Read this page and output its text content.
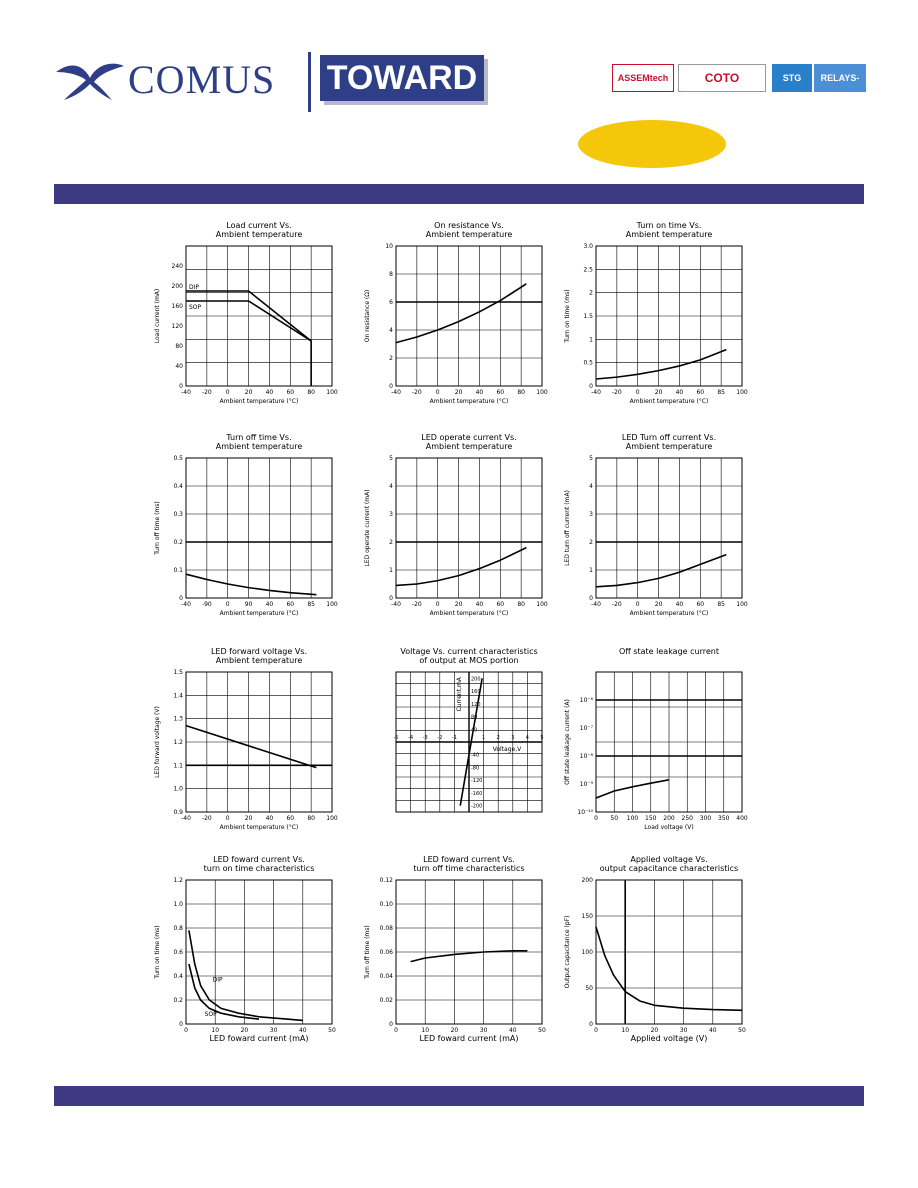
COMUS TOWARD	ASSEMtech	COTO	STG	RELAYS-
Load current Vs.
Ambient temperature
-40 -20 0	20 40 60 80 100
0
40
80
120
160
200
240
Ambient temperature (°C)
Load current (mA)
DIP
SOP
On resistance Vs.
Ambient temperature
-40 -20 0	20 40 60 80 100
0
2
4
6
8
10
Ambient temperature (°C)
On resistance (Ω)
Turn on time Vs.
Ambient temperature
-40 -20 0	20 40 60 85 100
0
0.5
1
1.5
2
2.5
3.0
Ambient temperature (°C)
Turn on time (ms)
Turn off time Vs.
Ambient temperature
-40 -90 0	90 40 60 85 100
0
0.1
0.2
0.3
0.4
0.5
Ambient temperature (°C)
Turn off time (ms)
LED operate current Vs.
Ambient temperature
-40 -20 0	20 40 60 80 100
0
1
2
3
4
5
Ambient temperature (°C)
LED operate current (mA)
LED Turn off current Vs.
Ambient temperature
-40 -20 0	20 40 60 85 100
0
1
2
3
4
5
Ambient temperature (°C)
LED turn off current (mA)
LED forward voltage Vs.
Ambient temperature
-40 -20 0	20 40 60 80 100
0.9
1.0
1.1
1.2
1.3
1.4
1.5
Ambient temperature (°C)
LED forward voltage (V)
Voltage Vs. current characteristics
of output at MOS portion
-5 -4 -3 -2 -1	1 2 3 4 5
200
160
120
80
40
-40
-80
-120
-160
-200
Voltage,V
Current,mA
Off state leakage current
0 50 100 150 200 250 300 350 400
10⁻¹⁰
10⁻⁹
10⁻⁸
10⁻⁷
10⁻⁶
Load voltage (V)
Off state leakage current (A)
LED foward current Vs.
turn on time characteristics
0	10	20	30	40	50
0
0.2
0.4
0.6
0.8
1.0
1.2
LED foward current (mA)
Turn on time (ms)
DIP
SOP
LED foward current Vs.
turn off time characteristics
0	10	20	30	40	50
0
0.02
0.04
0.06
0.08
0.10
0.12
LED foward current (mA)
Turn off time (ms)
Applied voltage Vs.
output capacitance characteristics
0	10	20	30	40	50
0
50
100
150
200
Applied voltage (V)
Output capacitance (pF)
